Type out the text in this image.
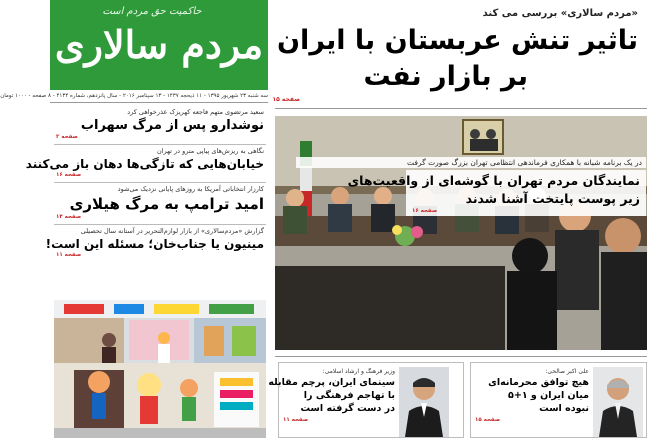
حاکمیت حق مردم است
مردم سالاری
سه شنبه ۲۳ شهریور ۱۳۹۵ - ۱۱ ذیحجه ۱۴۳۷ - ۱۳ سپتامبر ۲۰۱۶ - سال پانزدهم، شماره ۴۱۳۴ - ۸ صفحه - ۱۰۰۰ تومان
«مردم سالاری» بررسی می کند
تاثیر تنش عربستان با ایران
بر بازار نفت
صفحه ۱۵
سعید مرتضوی متهم فاجعه کهریزک عذرخواهی کرد
نوشدارو پس از مرگ سهراب
صفحه ۲
نگاهی به ریزش‌های پیاپی مترو در تهران
خیابان‌هایی که تازگی‌ها دهان باز می‌کنند
صفحه ۱۶
کارزار انتخاباتی آمریکا به روزهای پایانی نزدیک می‌شود
امید ترامپ به مرگ هیلاری
صفحه ۱۴
گزارش «مردم‌سالاری» از بازار لوازم‌التحریر در آستانه سال تحصیلی
مینیون یا جناب‌خان؛ مسئله این است!
صفحه ۱۱
در یک برنامه شبانه با همکاری فرماندهی انتظامی تهران بزرگ صورت گرفت
نمایندگان مردم تهران با گوشه‌ای از واقعیت‌های
زیر پوست پایتخت آشنا شدند
صفحه ۱۶
وزیر فرهنگ و ارشاد اسلامی:
سینمای ایران، پرچم مقابله
با تهاجم فرهنگی را
در دست گرفته است
صفحه ۱۱
علی اکبر صالحی:
هیچ توافق محرمانه‌ای
میان ایران و ۱+۵
نبوده است
صفحه ۱۵
